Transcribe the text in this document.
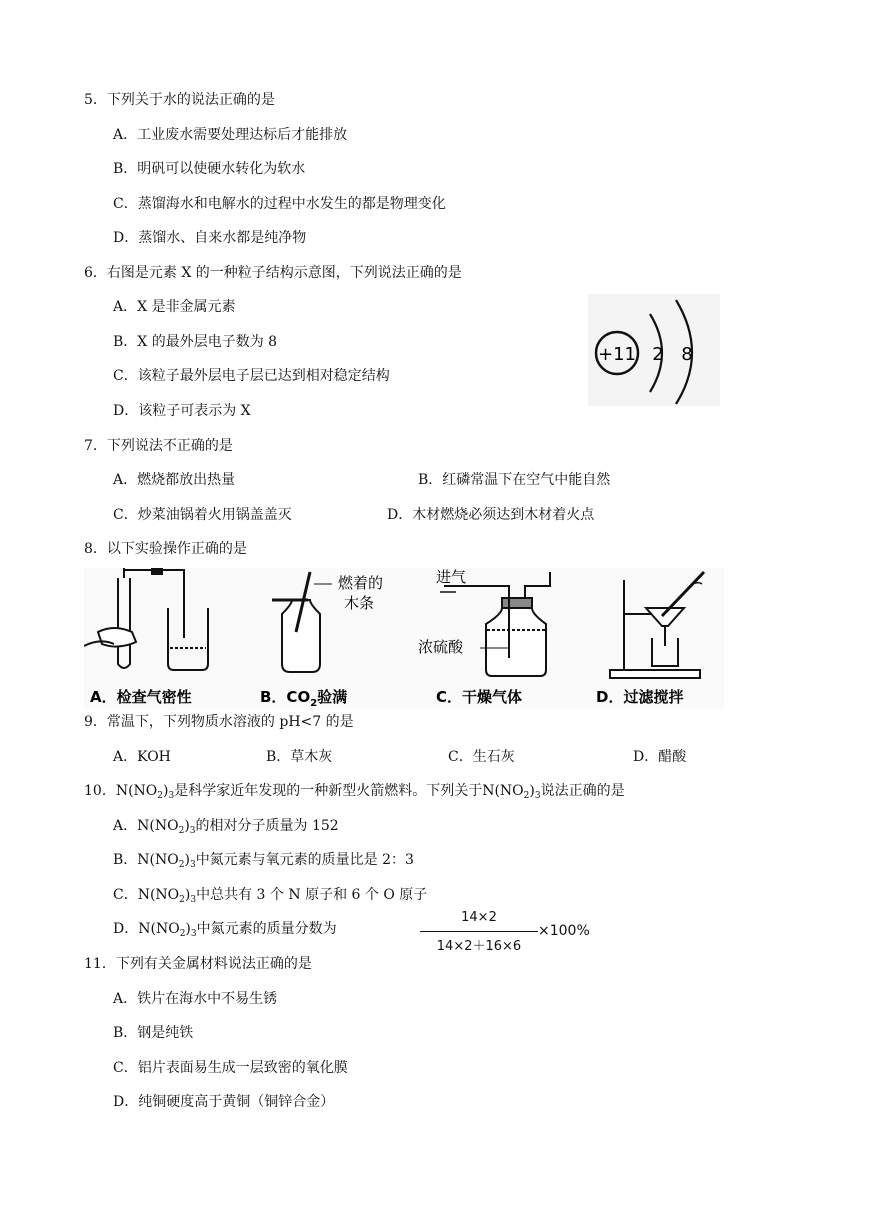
5．下列关于水的说法正确的是
A．工业废水需要处理达标后才能排放
B．明矾可以使硬水转化为软水
C．蒸馏海水和电解水的过程中水发生的都是物理变化
D．蒸馏水、自来水都是纯净物
6．右图是元素 X 的一种粒子结构示意图，下列说法正确的是
A．X 是非金属元素
B．X 的最外层电子数为 8
C．该粒子最外层电子层已达到相对稳定结构
D．该粒子可表示为 X
+11 2 8
7．下列说法不正确的是
A．燃烧都放出热量	B．红磷常温下在空气中能自然
C．炒菜油锅着火用锅盖盖灭	D．木材燃烧必须达到木材着火点
8．以下实验操作正确的是
A．检查气密性
燃着的
木条
B．$CO_2$验满
进气
浓硫酸
C．干燥气体	D．过滤搅拌
9．常温下，下列物质水溶液的 pH<7 的是
A．KOH	B．草木灰	C．生石灰	D．醋酸
10．$N(NO_2)_3$是科学家近年发现的一种新型火箭燃料。下列关于$N(NO_2)_3$说法正确的是
A．$N(NO_2)_3$的相对分子质量为 152
B．$N(NO_2)_3$中氮元素与氧元素的质量比是 2：3
C．$N(NO_2)_3$中总共有 3 个 N 原子和 6 个 O 原子
D．$N(NO_2)_3$中氮元素的质量分数为
14×2
14×2＋16×6
×100%
11．下列有关金属材料说法正确的是
A．铁片在海水中不易生锈
B．钢是纯铁
C．铝片表面易生成一层致密的氧化膜
D．纯铜硬度高于黄铜（铜锌合金）
